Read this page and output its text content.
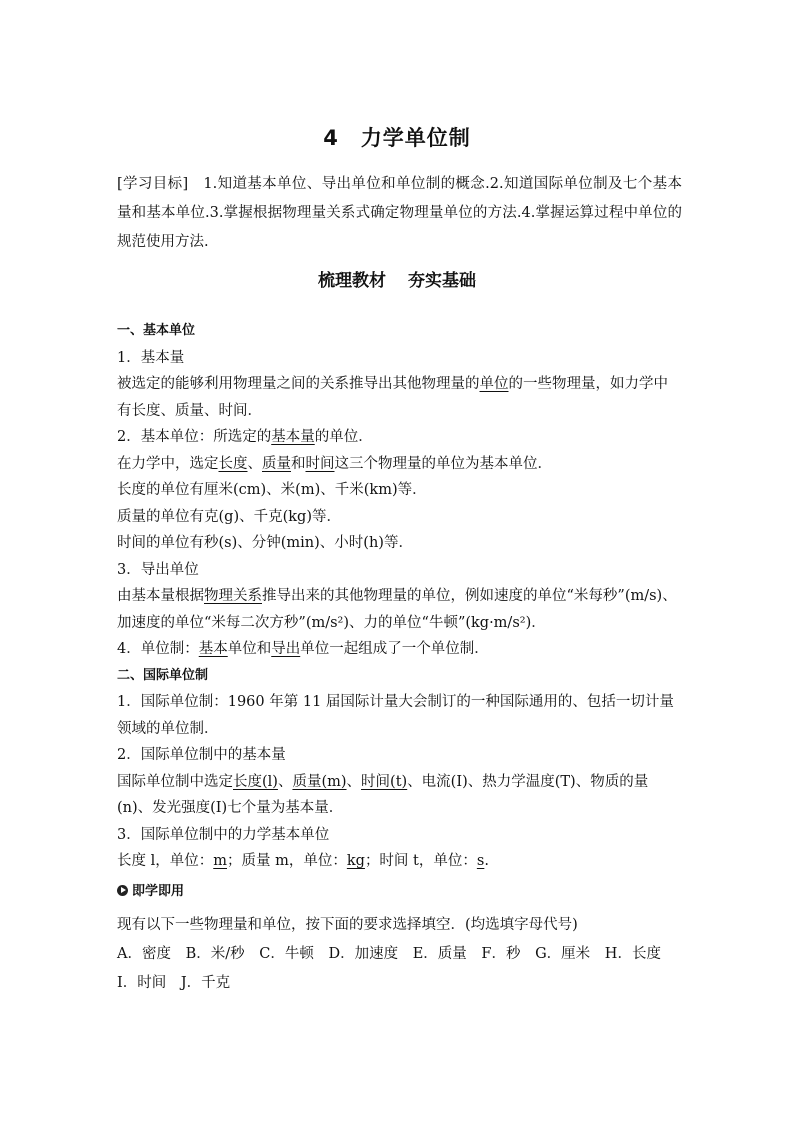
4 力学单位制
[学习目标]　1.知道基本单位、导出单位和单位制的概念.2.知道国际单位制及七个基本量和基本单位.3.掌握根据物理量关系式确定物理量单位的方法.4.掌握运算过程中单位的规范使用方法.
梳理教材 夯实基础
一、基本单位
1．基本量
被选定的能够利用物理量之间的关系推导出其他物理量的单位的一些物理量，如力学中有长度、质量、时间．
2．基本单位：所选定的基本量的单位．
在力学中，选定长度、质量和时间这三个物理量的单位为基本单位．
长度的单位有厘米(cm)、米(m)、千米(km)等．
质量的单位有克(g)、千克(kg)等．
时间的单位有秒(s)、分钟(min)、小时(h)等．
3．导出单位
由基本量根据物理关系推导出来的其他物理量的单位，例如速度的单位“米每秒”(m/s)、加速度的单位“米每二次方秒”(m/s²)、力的单位“牛顿”(kg·m/s²)．
4．单位制：基本单位和导出单位一起组成了一个单位制．
二、国际单位制
1．国际单位制：1960 年第 11 届国际计量大会制订的一种国际通用的、包括一切计量领域的单位制．
2．国际单位制中的基本量
国际单位制中选定长度(l)、质量(m)、时间(t)、电流(I)、热力学温度(T)、物质的量(n)、发光强度(I)七个量为基本量．
3．国际单位制中的力学基本单位
长度 l，单位：m；质量 m，单位：kg；时间 t，单位：s.
即学即用
现有以下一些物理量和单位，按下面的要求选择填空．(均选填字母代号)
A．密度 B．米/秒 C．牛顿 D．加速度 E．质量 F．秒 G．厘米 H．长度 I．时间 J．千克
